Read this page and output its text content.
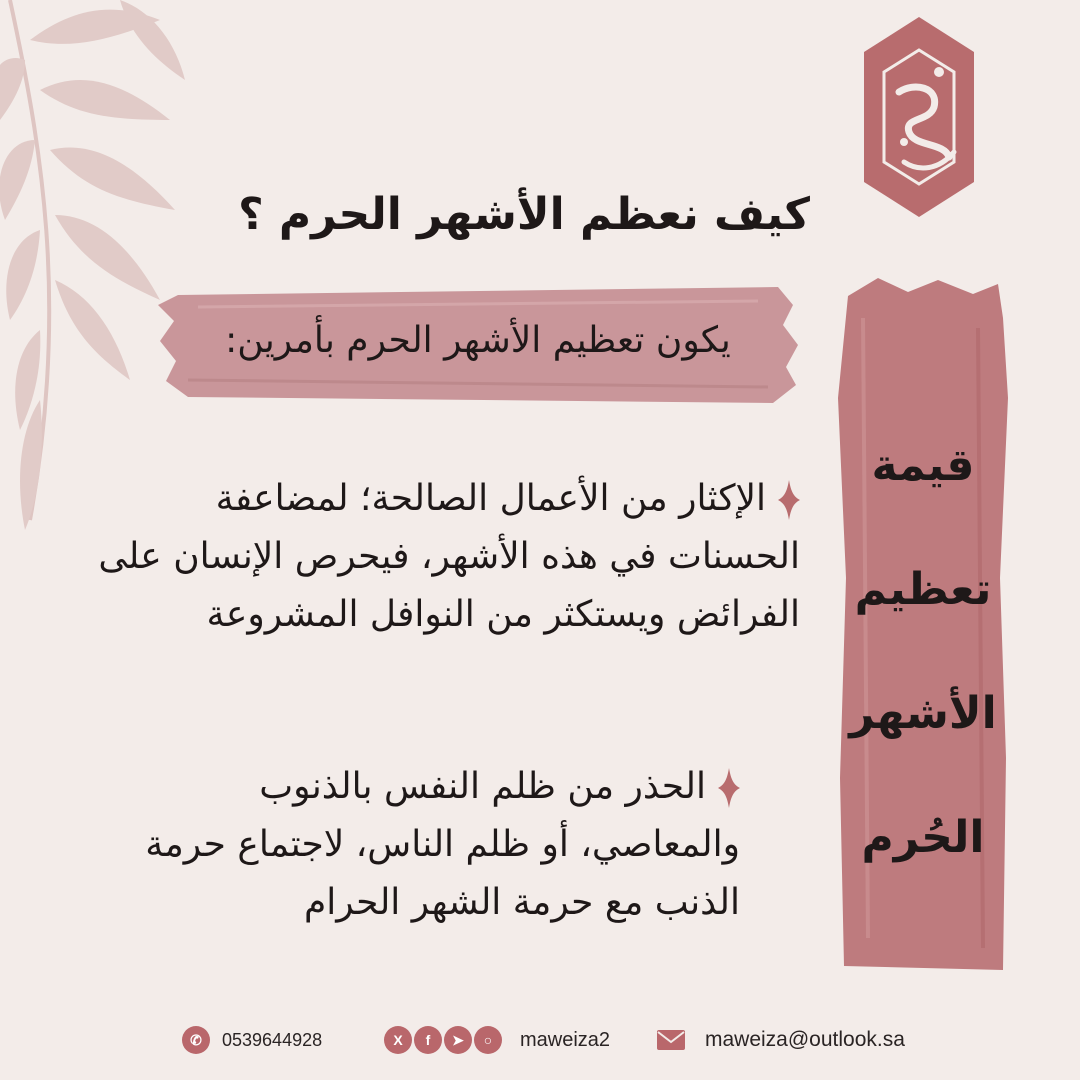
كيف نعظم الأشهر الحرم ؟
يكون تعظيم الأشهر الحرم بأمرين:
قيمة
تعظيم
الأشهر
الحُرم
الإكثار من الأعمال الصالحة؛ لمضاعفة
الحسنات في هذه الأشهر، فيحرص الإنسان على
الفرائض ويستكثر من النوافل المشروعة
الحذر من ظلم النفس بالذنوب
والمعاصي، أو ظلم الناس، لاجتماع حرمة
الذنب مع حرمة الشهر الحرام
✆	0539644928	X	f	➤	○	maweiza2	maweiza@outlook.sa
